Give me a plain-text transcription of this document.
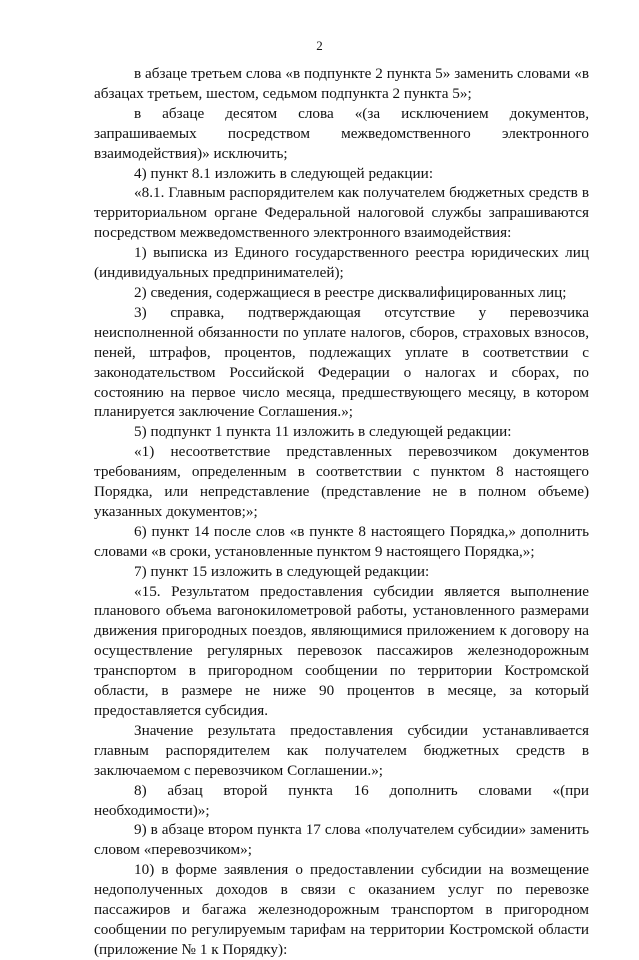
2

в абзаце третьем слова «в подпункте 2 пункта 5» заменить словами «в абзацах третьем, шестом, седьмом подпункта 2 пункта 5»;

в абзаце десятом слова «(за исключением документов, запрашиваемых посредством межведомственного электронного взаимодействия)» исключить;

4) пункт 8.1 изложить в следующей редакции:

«8.1. Главным распорядителем как получателем бюджетных средств в территориальном органе Федеральной налоговой службы запрашиваются посредством межведомственного электронного взаимодействия:

1) выписка из Единого государственного реестра юридических лиц (индивидуальных предпринимателей);

2) сведения, содержащиеся в реестре дисквалифицированных лиц;

3) справка, подтверждающая отсутствие у перевозчика неисполненной обязанности по уплате налогов, сборов, страховых взносов, пеней, штрафов, процентов, подлежащих уплате в соответствии с законодательством Российской Федерации о налогах и сборах, по состоянию на первое число месяца, предшествующего месяцу, в котором планируется заключение Соглашения.»;

5) подпункт 1 пункта 11 изложить в следующей редакции:

«1) несоответствие представленных перевозчиком документов требованиям, определенным в соответствии с пунктом 8 настоящего Порядка, или непредставление (представление не в полном объеме) указанных документов;»;

6) пункт 14 после слов «в пункте 8 настоящего Порядка,» дополнить словами «в сроки, установленные пунктом 9 настоящего Порядка,»;

7) пункт 15 изложить в следующей редакции:

«15. Результатом предоставления субсидии является выполнение планового объема вагонокилометровой работы, установленного размерами движения пригородных поездов, являющимися приложением к договору на осуществление регулярных перевозок пассажиров железнодорожным транспортом в пригородном сообщении по территории Костромской области, в размере не ниже 90 процентов в месяце, за который предоставляется субсидия.

Значение результата предоставления субсидии устанавливается главным распорядителем как получателем бюджетных средств в заключаемом с перевозчиком Соглашении.»;

8) абзац второй пункта 16 дополнить словами «(при необходимости)»;

9) в абзаце втором пункта 17 слова «получателем субсидии» заменить словом «перевозчиком»;

10) в форме заявления о предоставлении субсидии на возмещение недополученных доходов в связи с оказанием услуг по перевозке пассажиров и багажа железнодорожным транспортом в пригородном сообщении по регулируемым тарифам на территории Костромской области (приложение № 1 к Порядку):
